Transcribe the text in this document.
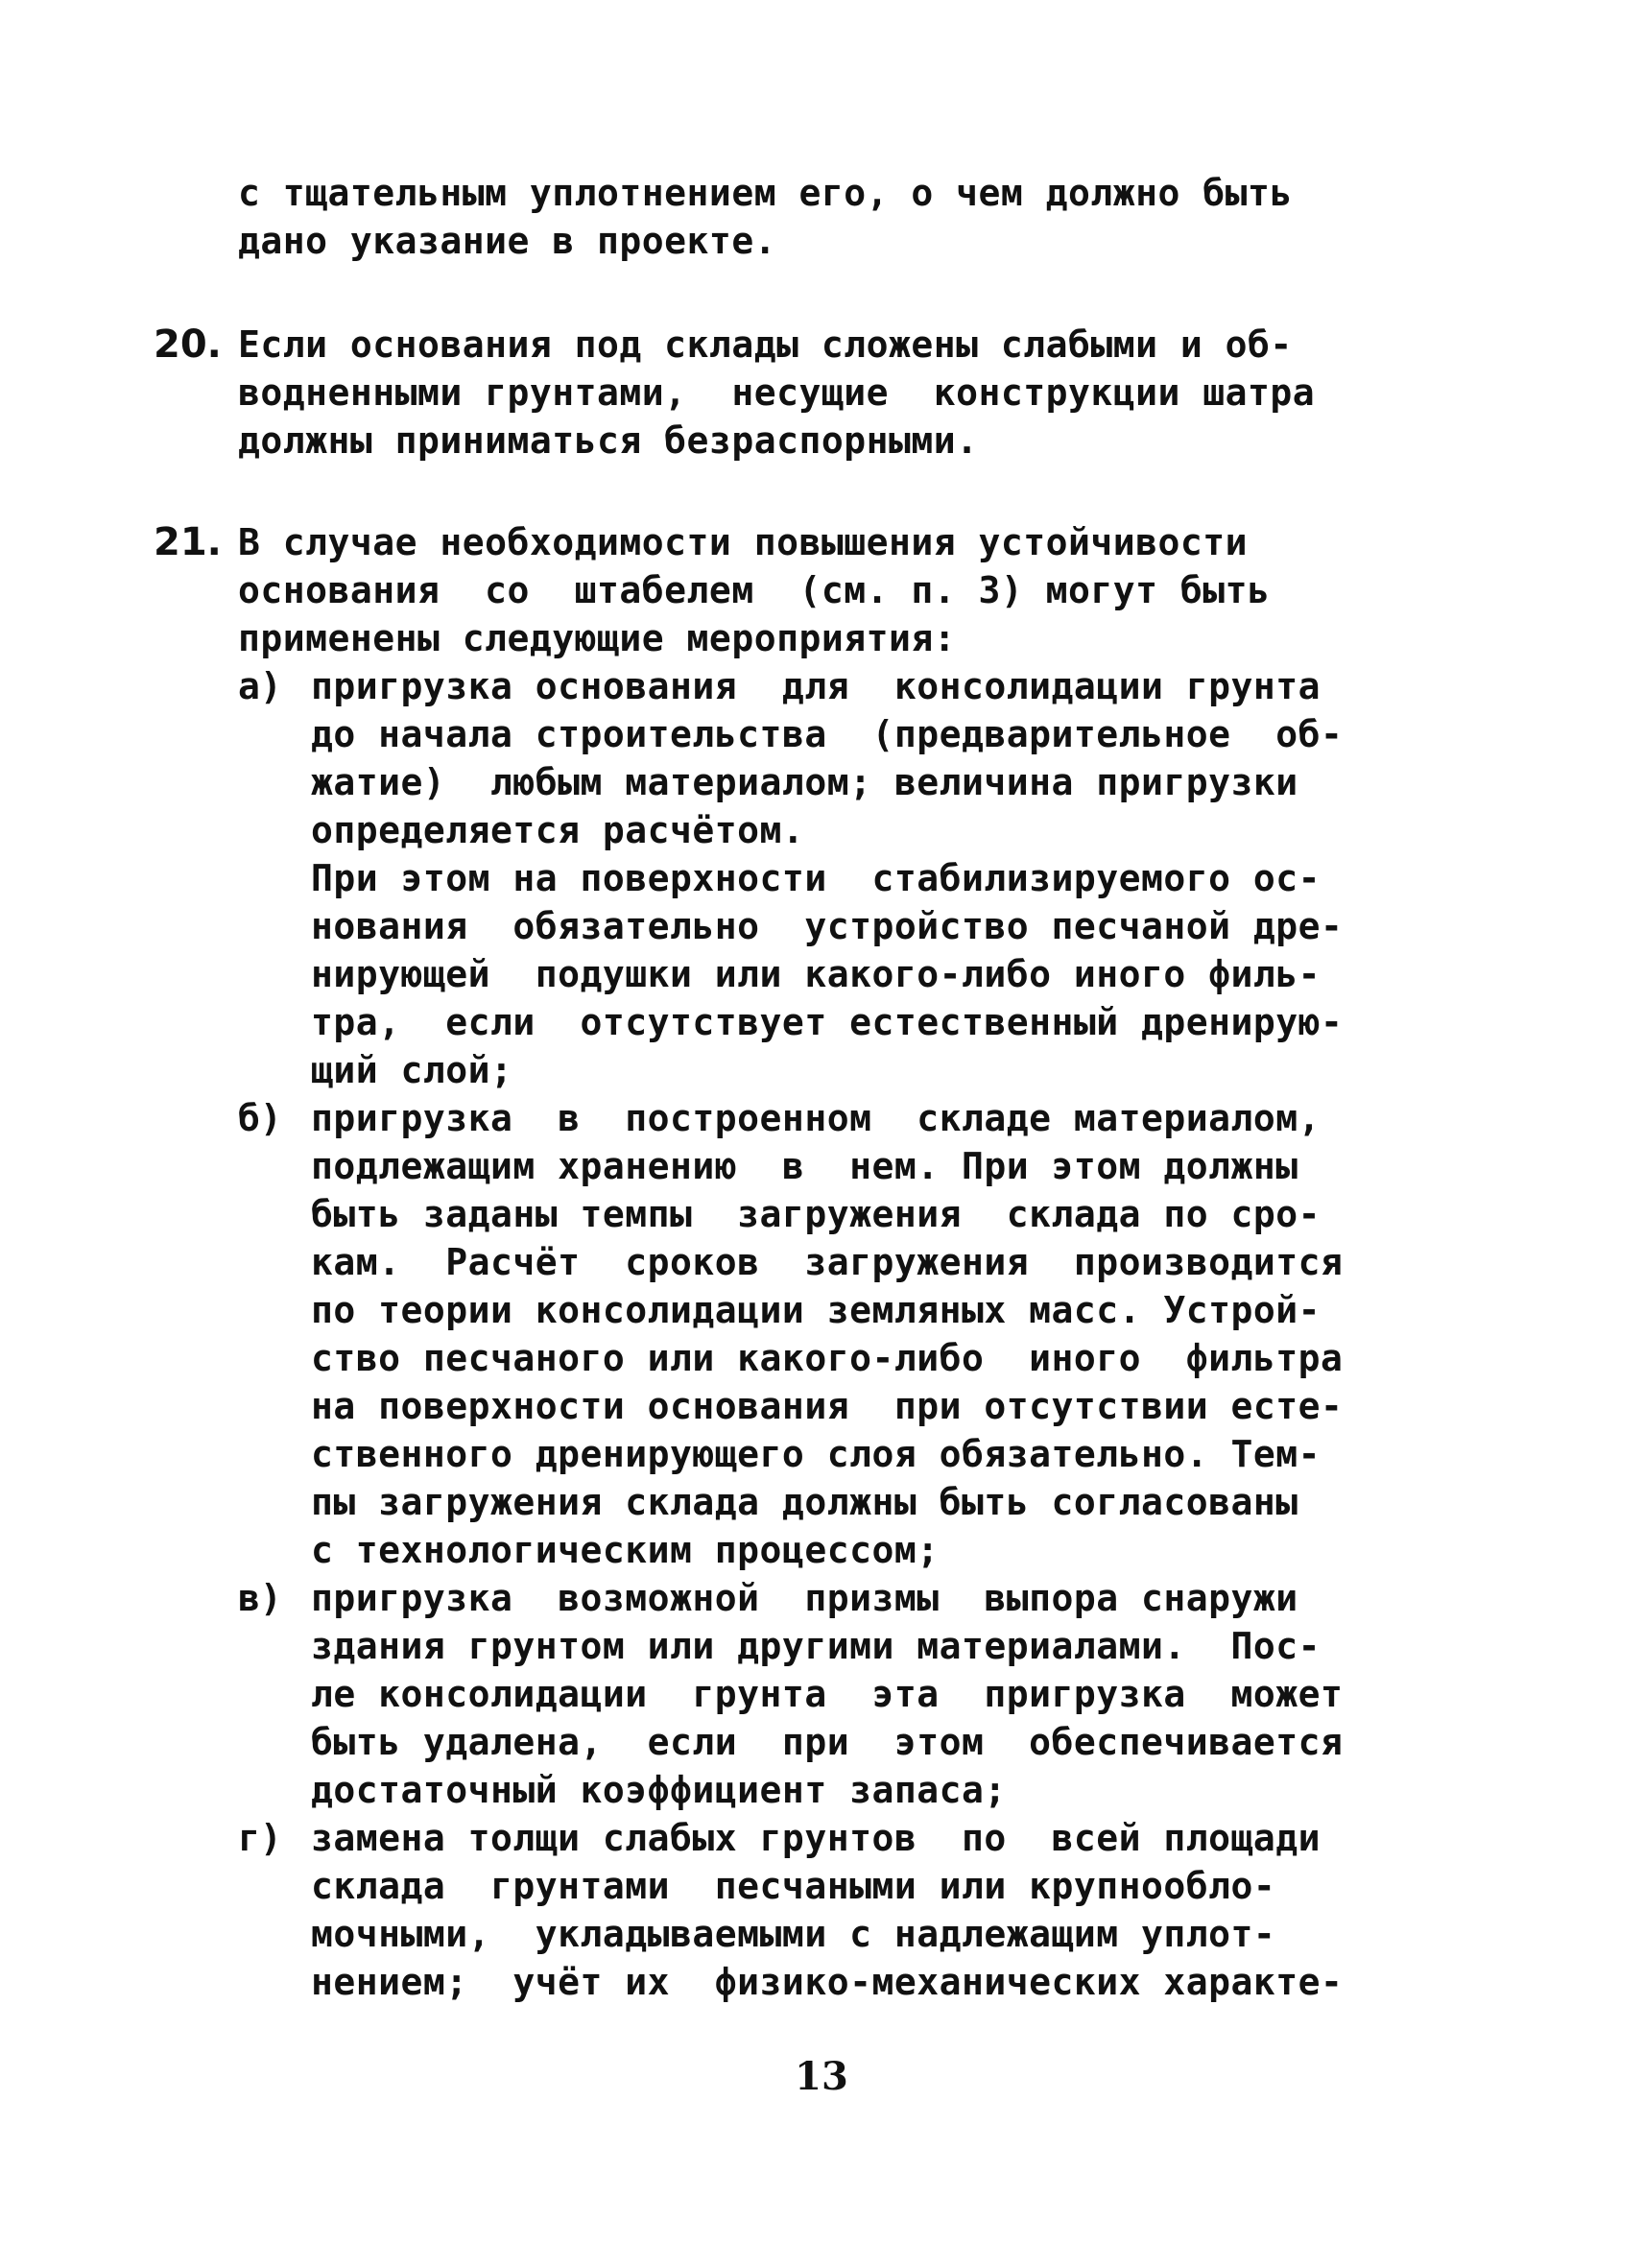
с тщательным уплотнением его, о чем должно быть
дано указание в проекте.
20. Если основания под склады сложены слабыми и об-
водненными грунтами,  несущие  конструкции шатра
должны приниматься безраспорными.
21. В случае необходимости повышения устойчивости
основания  со  штабелем  (см. п. 3) могут быть
применены следующие мероприятия:
а) пригрузка основания  для  консолидации грунта
до начала строительства  (предварительное  об-
жатие)  любым материалом; величина пригрузки
определяется расчётом.
При этом на поверхности  стабилизируемого ос-
нования  обязательно  устройство песчаной дре-
нирующей  подушки или какого-либо иного филь-
тра,  если  отсутствует естественный дренирую-
щий слой;
б) пригрузка  в  построенном  складе материалом,
подлежащим хранению  в  нем. При этом должны
быть заданы темпы  загружения  склада по сро-
кам.  Расчёт  сроков  загружения  производится
по теории консолидации земляных масс. Устрой-
ство песчаного или какого-либо  иного  фильтра
на поверхности основания  при отсутствии есте-
ственного дренирующего слоя обязательно. Тем-
пы загружения склада должны быть согласованы
с технологическим процессом;
в) пригрузка  возможной  призмы  выпора снаружи
здания грунтом или другими материалами.  Пос-
ле консолидации  грунта  эта  пригрузка  может
быть удалена,  если  при  этом  обеспечивается
достаточный коэффициент запаса;
г) замена толщи слабых грунтов  по  всей площади
склада  грунтами  песчаными или крупнообло-
мочными,  укладываемыми с надлежащим уплот-
нением;  учёт их  физико-механических характе-
13
